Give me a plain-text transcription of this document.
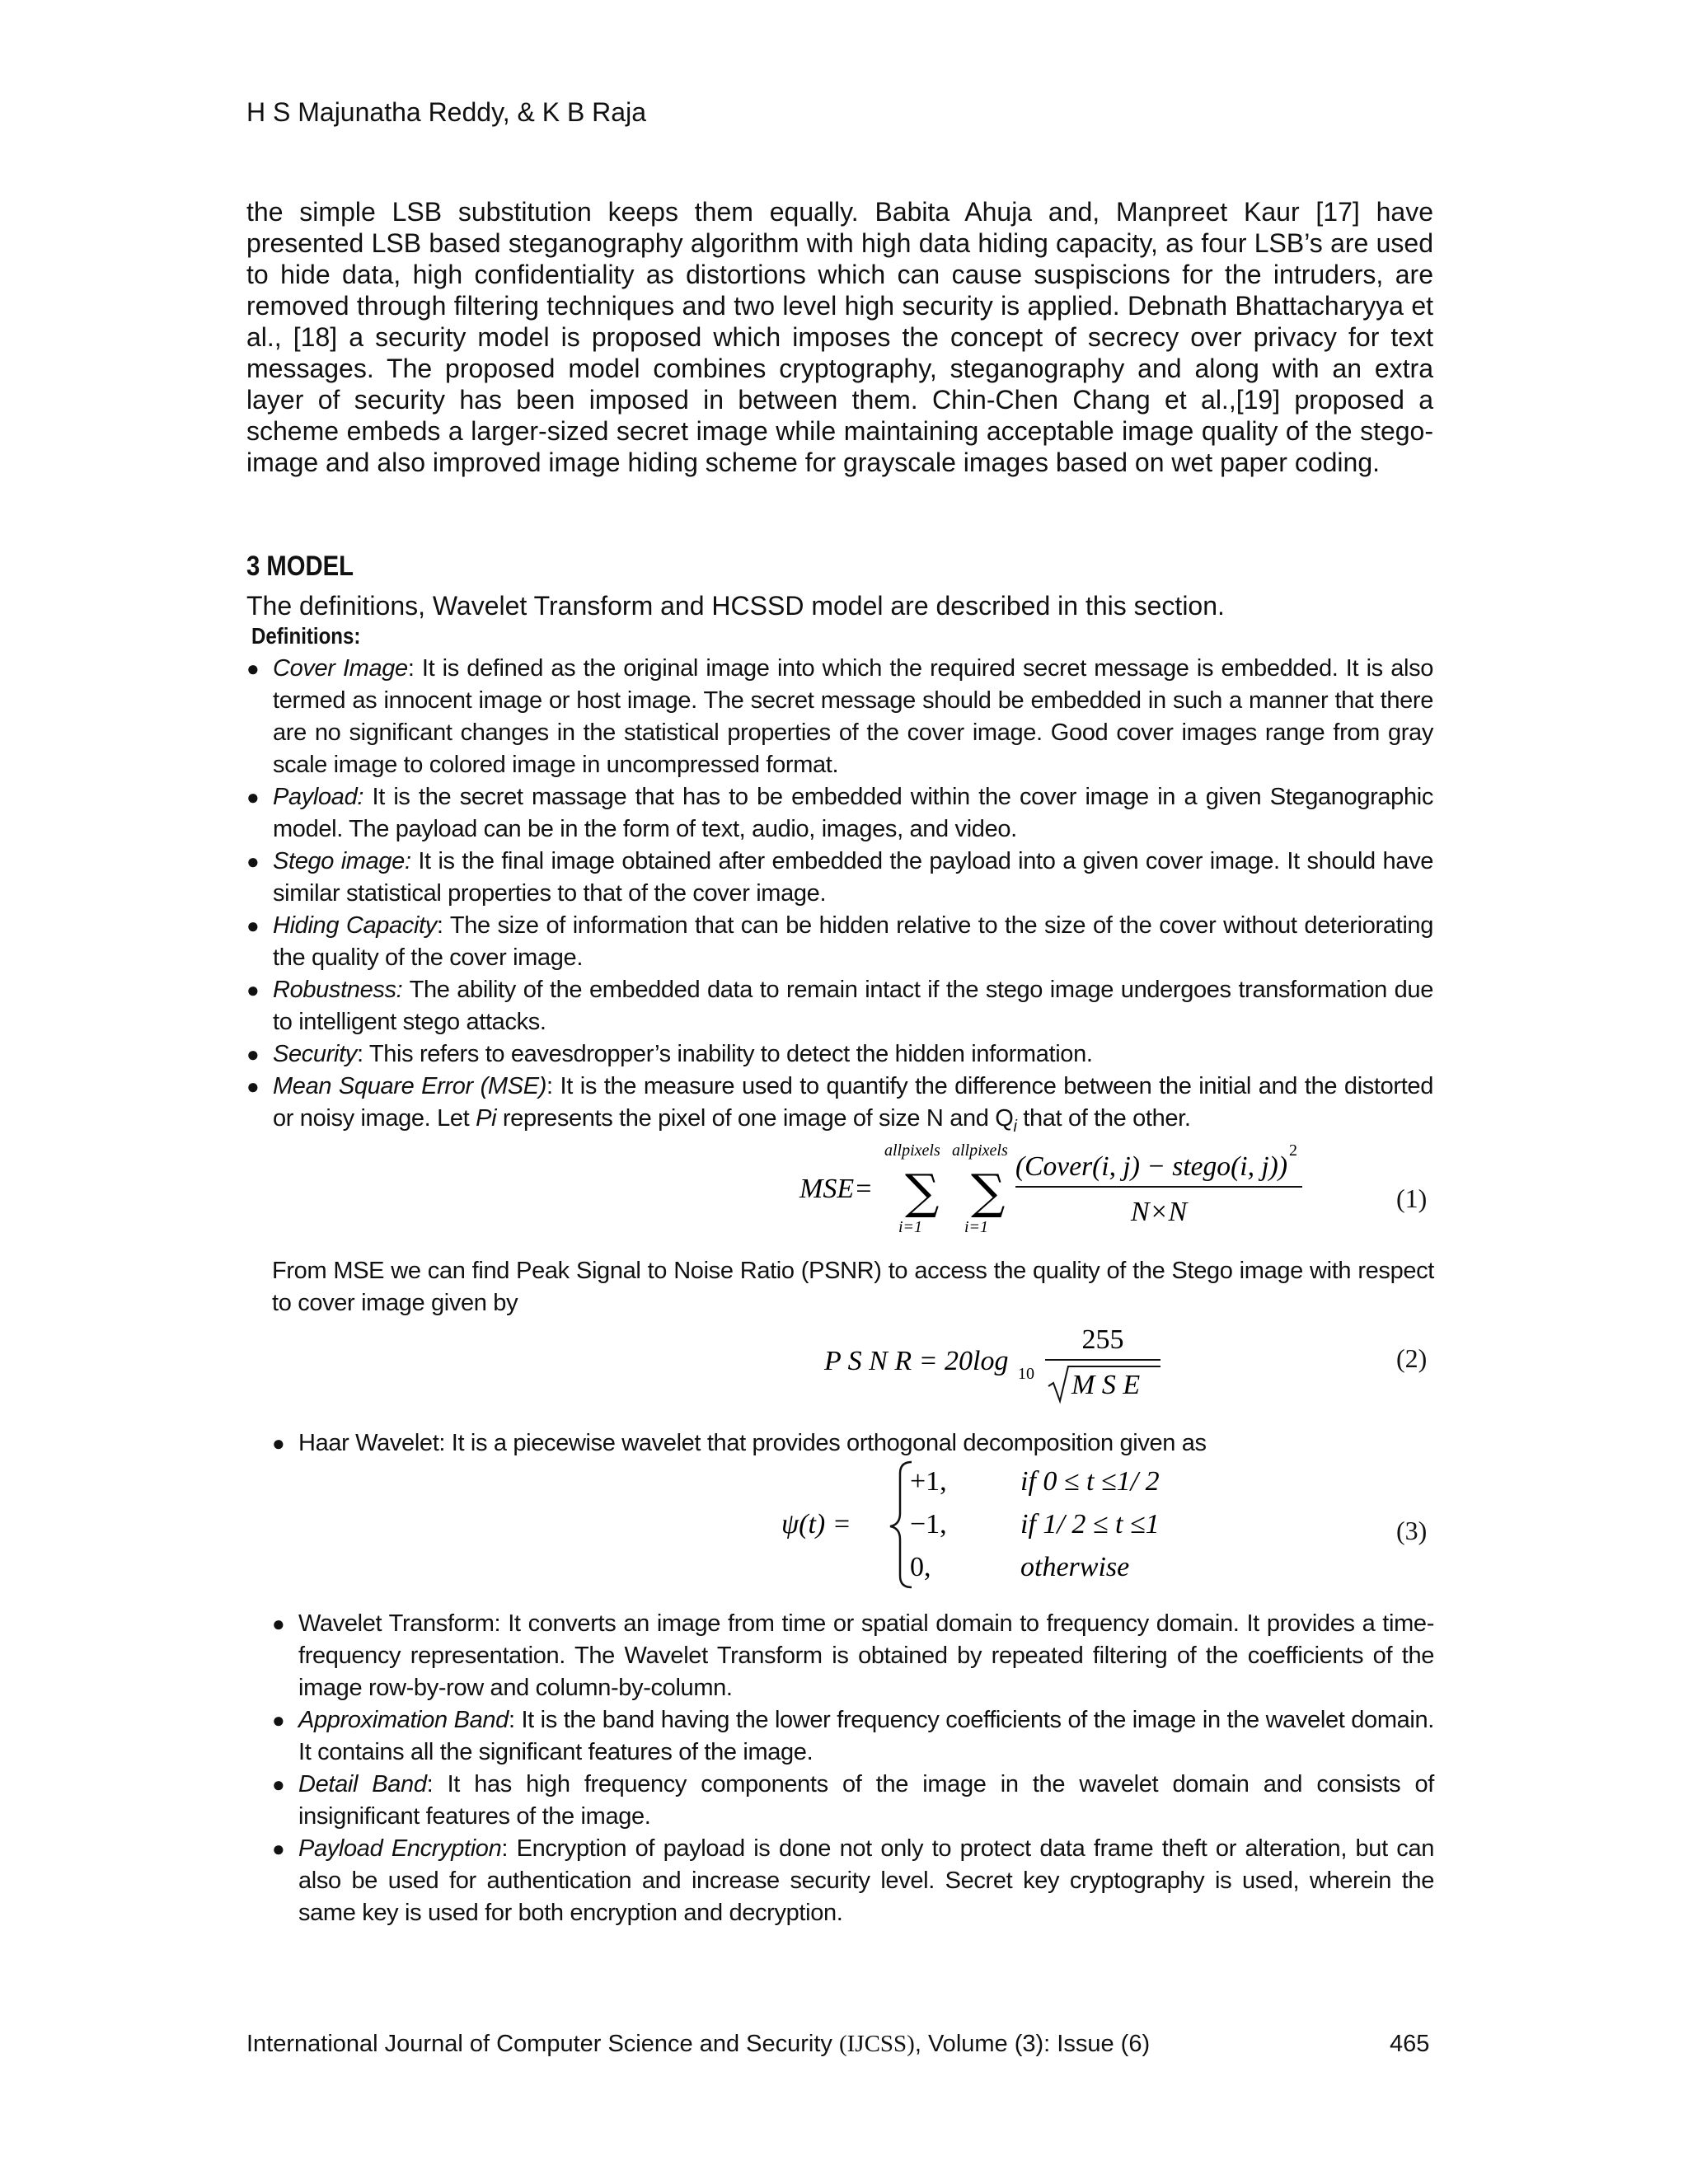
H S Majunatha Reddy, & K B Raja

the simple LSB substitution keeps them equally. Babita Ahuja and, Manpreet Kaur [17] have presented LSB based steganography algorithm with high data hiding capacity, as four LSB’s are used to hide data, high confidentiality as distortions which can cause suspiscions for the intruders, are removed through filtering techniques and two level high security is applied. Debnath Bhattacharyya et al., [18] a security model is proposed which imposes the concept of secrecy over privacy for text messages. The proposed model combines cryptography, steganography and along with an extra layer of security has been imposed in between them. Chin-Chen Chang et al.,[19] proposed a scheme embeds a larger-sized secret image while maintaining acceptable image quality of the stego-image and also improved image hiding scheme for grayscale images based on wet paper coding.

3 MODEL
The definitions, Wavelet Transform and HCSSD model are described in this section.
Definitions:
● Cover Image: It is defined as the original image into which the required secret message is embedded. It is also termed as innocent image or host image. The secret message should be embedded in such a manner that there are no significant changes in the statistical properties of the cover image. Good cover images range from gray scale image to colored image in uncompressed format.
● Payload: It is the secret massage that has to be embedded within the cover image in a given Steganographic model. The payload can be in the form of text, audio, images, and video.
● Stego image: It is the final image obtained after embedded the payload into a given cover image. It should have similar statistical properties to that of the cover image.
● Hiding Capacity: The size of information that can be hidden relative to the size of the cover without deteriorating the quality of the cover image.
● Robustness: The ability of the embedded data to remain intact if the stego image undergoes transformation due to intelligent stego attacks.
● Security: This refers to eavesdropper’s inability to detect the hidden information.
● Mean Square Error (MSE): It is the measure used to quantify the difference between the initial and the distorted or noisy image. Let Pi represents the pixel of one image of size N and $Q_i$ that of the other.
MSE= ∑
allpixels
i=1
∑
allpixels
i=1
(Cover(i, j) − stego(i, j))
2
N×N	(1)

From MSE we can find Peak Signal to Noise Ratio (PSNR) to access the quality of the Stego image with respect to cover image given by

P S N R = 20log 10
255
M S E
(2)
● Haar Wavelet: It is a piecewise wavelet that provides orthogonal decomposition given as
ψ(t) =
+1,	if 0 ≤ t ≤1/ 2
−1,	if 1/ 2 ≤ t ≤1
0,	otherwise
(3)
● Wavelet Transform: It converts an image from time or spatial domain to frequency domain. It provides a time-frequency representation. The Wavelet Transform is obtained by repeated filtering of the coefficients of the image row-by-row and column-by-column.
● Approximation Band: It is the band having the lower frequency coefficients of the image in the wavelet domain. It contains all the significant features of the image.
● Detail Band: It has high frequency components of the image in the wavelet domain and consists of insignificant features of the image.
● Payload Encryption: Encryption of payload is done not only to protect data frame theft or alteration, but can also be used for authentication and increase security level. Secret key cryptography is used, wherein the same key is used for both encryption and decryption.
International Journal of Computer Science and Security (IJCSS), Volume (3): Issue (6)	465
